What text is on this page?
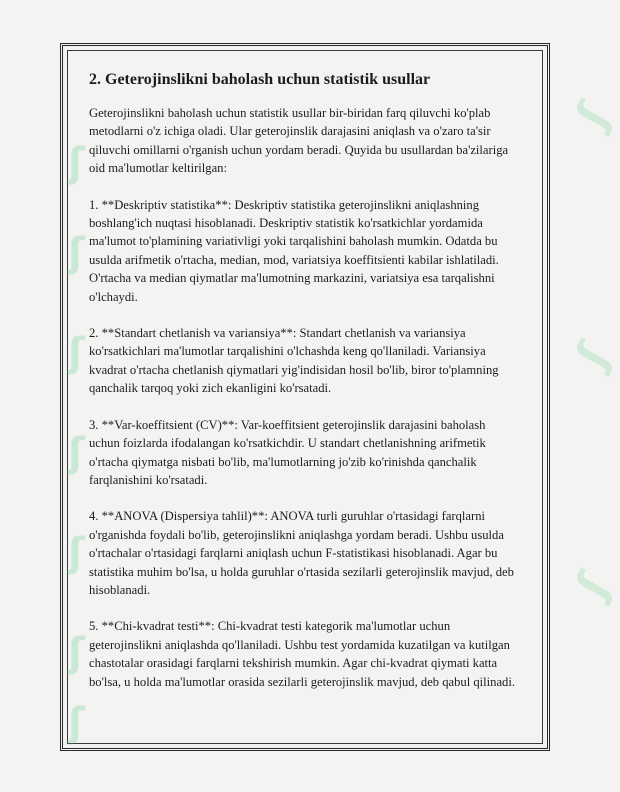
ʃ
ʃ
ʃ
ʃ
ʃ
ʃ
ʃ
ʃ
ʃ
ʃ
2. Geterojinslikni baholash uchun statistik usullar

Geterojinslikni baholash uchun statistik usullar bir-biridan farq qiluvchi ko'plab metodlarni o'z ichiga oladi. Ular geterojinslik darajasini aniqlash va o'zaro ta'sir qiluvchi omillarni o'rganish uchun yordam beradi. Quyida bu usullardan ba'zilariga oid ma'lumotlar keltirilgan:

1. **Deskriptiv statistika**: Deskriptiv statistika geterojinslikni aniqlashning boshlang'ich nuqtasi hisoblanadi. Deskriptiv statistik ko'rsatkichlar yordamida ma'lumot to'plamining variativligi yoki tarqalishini baholash mumkin. Odatda bu usulda arifmetik o'rtacha, median, mod, variatsiya koeffitsienti kabilar ishlatiladi. O'rtacha va median qiymatlar ma'lumotning markazini, variatsiya esa tarqalishni o'lchaydi.

2. **Standart chetlanish va variansiya**: Standart chetlanish va variansiya ko'rsatkichlari ma'lumotlar tarqalishini o'lchashda keng qo'llaniladi. Variansiya kvadrat o'rtacha chetlanish qiymatlari yig'indisidan hosil bo'lib, biror to'plamning qanchalik tarqoq yoki zich ekanligini ko'rsatadi.

3. **Var-koeffitsient (CV)**: Var-koeffitsient geterojinslik darajasini baholash uchun foizlarda ifodalangan ko'rsatkichdir. U standart chetlanishning arifmetik o'rtacha qiymatga nisbati bo'lib, ma'lumotlarning jo'zib ko'rinishda qanchalik farqlanishini ko'rsatadi.

4. **ANOVA (Dispersiya tahlil)**: ANOVA turli guruhlar o'rtasidagi farqlarni o'rganishda foydali bo'lib, geterojinslikni aniqlashga yordam beradi. Ushbu usulda o'rtachalar o'rtasidagi farqlarni aniqlash uchun F-statistikasi hisoblanadi. Agar bu statistika muhim bo'lsa, u holda guruhlar o'rtasida sezilarli geterojinslik mavjud, deb hisoblanadi.

5. **Chi-kvadrat testi**: Chi-kvadrat testi kategorik ma'lumotlar uchun geterojinslikni aniqlashda qo'llaniladi. Ushbu test yordamida kuzatilgan va kutilgan chastotalar orasidagi farqlarni tekshirish mumkin. Agar chi-kvadrat qiymati katta bo'lsa, u holda ma'lumotlar orasida sezilarli geterojinslik mavjud, deb qabul qilinadi.
